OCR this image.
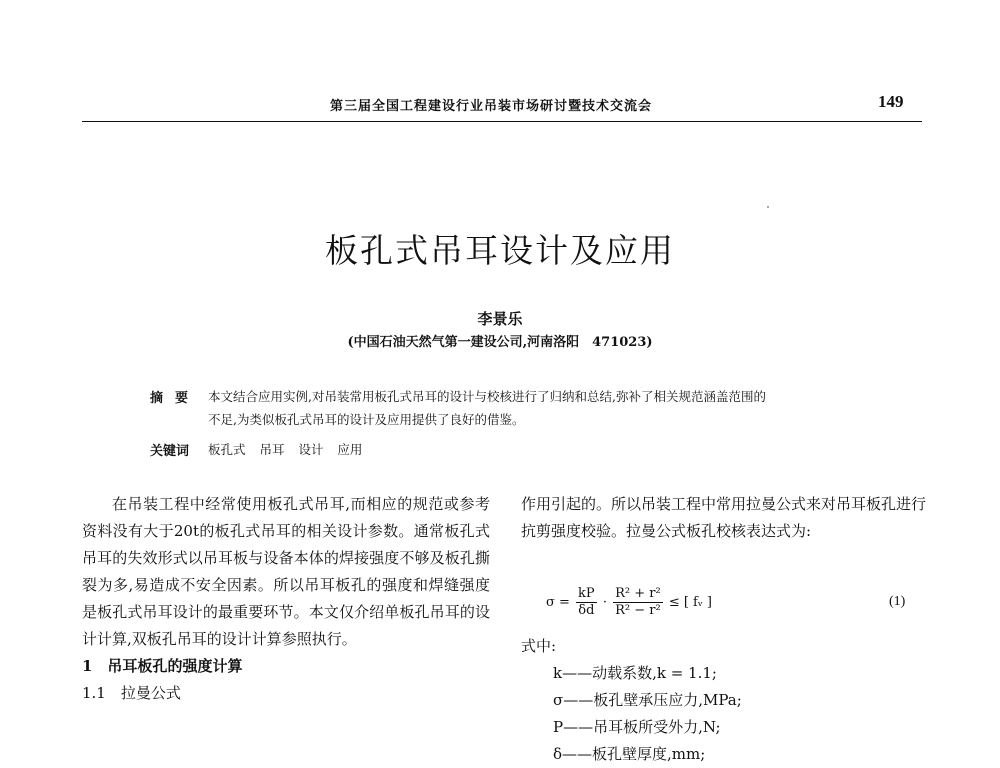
第三届全国工程建设行业吊装市场研讨暨技术交流会	149
板孔式吊耳设计及应用
李景乐
(中国石油天然气第一建设公司,河南洛阳　471023)
摘要 本文结合应用实例,对吊装常用板孔式吊耳的设计与校核进行了归纳和总结,弥补了相关规范涵盖范围的
不足,为类似板孔式吊耳的设计及应用提供了良好的借鉴。
关键词 板孔式 吊耳 设计 应用

在吊装工程中经常使用板孔式吊耳,而相应的规范或参考资料没有大于20t的板孔式吊耳的相关设计参数。通常板孔式吊耳的失效形式以吊耳板与设备本体的焊接强度不够及板孔撕裂为多,易造成不安全因素。所以吊耳板孔的强度和焊缝强度是板孔式吊耳设计的最重要环节。本文仅介绍单板孔吊耳的设计计算,双板孔吊耳的设计计算参照执行。

1　吊耳板孔的强度计算

1.1　拉曼公式

作用引起的。所以吊装工程中常用拉曼公式来对吊耳板孔进行抗剪强度校验。拉曼公式板孔校核表达式为:

$\sigma = \frac{kP}{\delta d} \cdot \frac{\text{R² + r²}}{\text{R² − r²}}$ ≤ [ fᵥ ]	(1)
式中:
k——动载系数,k = 1.1;
σ——板孔壁承压应力,MPa;
P——吊耳板所受外力,N;
δ——板孔壁厚度,mm;
